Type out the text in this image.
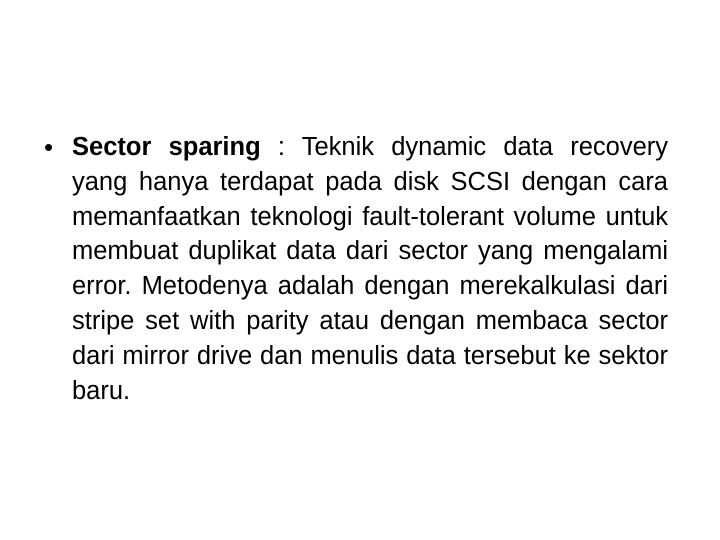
• Sector sparing : Teknik dynamic data recovery yang hanya terdapat pada disk SCSI dengan cara memanfaatkan teknologi fault-tolerant volume untuk membuat duplikat data dari sector yang mengalami error. Metodenya adalah dengan merekalkulasi dari stripe set with parity atau dengan membaca sector dari mirror drive dan menulis data tersebut ke sektor baru.
